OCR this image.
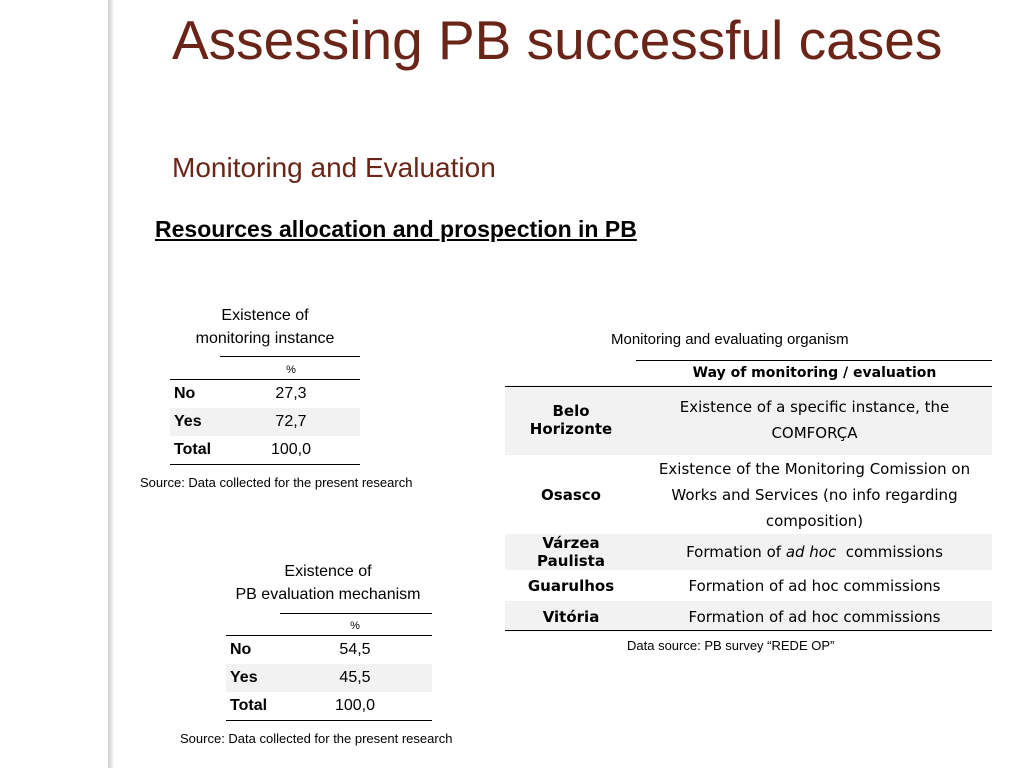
Assessing PB successful cases
Monitoring and Evaluation
Resources allocation and prospection in PB
Existence of
monitoring instance
	%
No	27,3
Yes	72,7
Total	100,0
Source: Data collected for the present research
Existence of
PB evaluation mechanism
	%
No	54,5
Yes	45,5
Total	100,0
Source: Data collected for the present research
Monitoring and evaluating organism
	Way of monitoring / evaluation
Belo Horizonte	Existence of a specific instance, the COMFORÇA
Osasco	Existence of the Monitoring Comission on Works and Services (no info regarding composition)
Várzea Paulista	Formation of ad hoc  commissions
Guarulhos	Formation of ad hoc commissions
Vitória	Formation of ad hoc commissions
Data source: PB survey “REDE OP”
